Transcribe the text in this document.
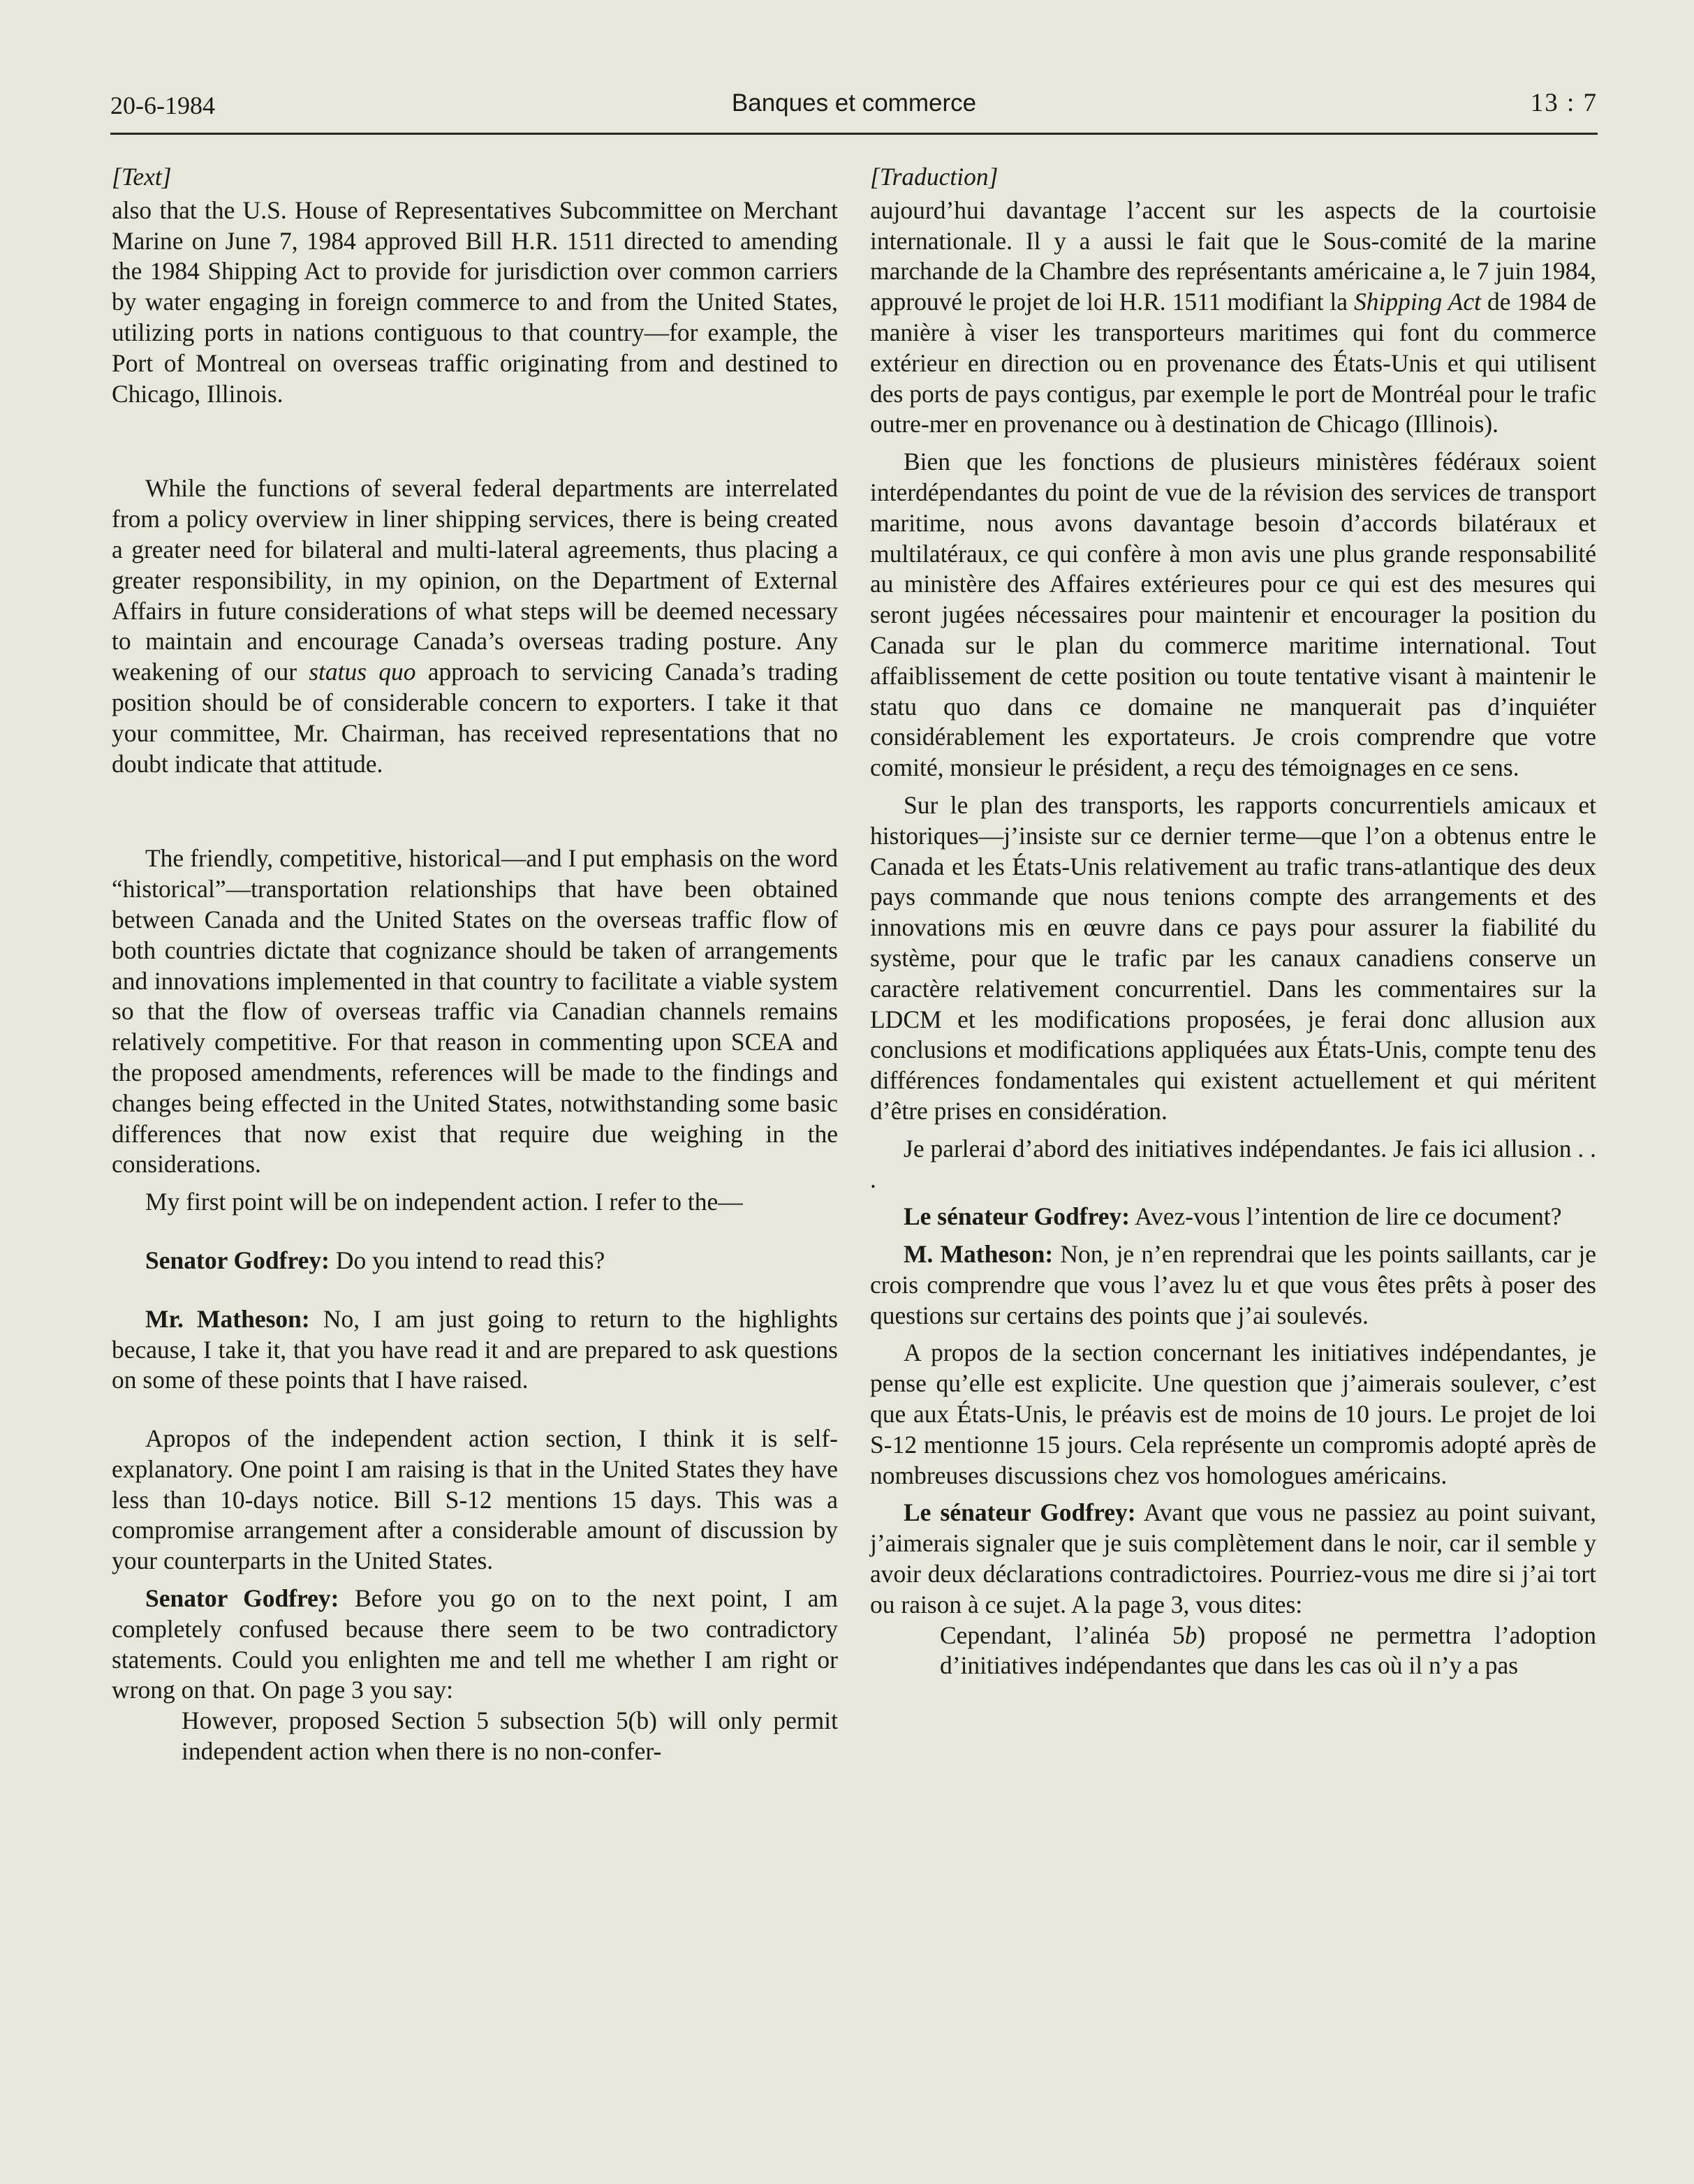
20-6-1984	Banques et commerce	13 : 7
[Text]

also that the U.S. House of Representatives Subcommittee on Merchant Marine on June 7, 1984 approved Bill H.R. 1511 directed to amending the 1984 Shipping Act to provide for jurisdiction over common carriers by water engaging in foreign commerce to and from the United States, utilizing ports in nations contiguous to that country—for example, the Port of Montreal on overseas traffic originating from and destined to Chicago, Illinois.

While the functions of several federal departments are interrelated from a policy overview in liner shipping services, there is being created a greater need for bilateral and multi-lateral agreements, thus placing a greater responsibility, in my opinion, on the Department of External Affairs in future considerations of what steps will be deemed necessary to maintain and encourage Canada’s overseas trading posture. Any weakening of our status quo approach to servicing Canada’s trading position should be of considerable concern to exporters. I take it that your committee, Mr. Chairman, has received representations that no doubt indicate that attitude.

The friendly, competitive, historical—and I put emphasis on the word “historical”—transportation relationships that have been obtained between Canada and the United States on the overseas traffic flow of both countries dictate that cognizance should be taken of arrangements and innovations implemented in that country to facilitate a viable system so that the flow of overseas traffic via Canadian channels remains relatively competitive. For that reason in commenting upon SCEA and the proposed amendments, references will be made to the findings and changes being effected in the United States, notwithstanding some basic differences that now exist that require due weighing in the considerations.

My first point will be on independent action. I refer to the—

Senator Godfrey: Do you intend to read this?

Mr. Matheson: No, I am just going to return to the highlights because, I take it, that you have read it and are prepared to ask questions on some of these points that I have raised.

Apropos of the independent action section, I think it is self-explanatory. One point I am raising is that in the United States they have less than 10-days notice. Bill S-12 mentions 15 days. This was a compromise arrangement after a considerable amount of discussion by your counterparts in the United States.

Senator Godfrey: Before you go on to the next point, I am completely confused because there seem to be two contradictory statements. Could you enlighten me and tell me whether I am right or wrong on that. On page 3 you say:

However, proposed Section 5 subsection 5(b) will only permit independent action when there is no non-confer-

[Traduction]

aujourd’hui davantage l’accent sur les aspects de la courtoisie internationale. Il y a aussi le fait que le Sous-comité de la marine marchande de la Chambre des représentants américaine a, le 7 juin 1984, approuvé le projet de loi H.R. 1511 modifiant la Shipping Act de 1984 de manière à viser les transporteurs maritimes qui font du commerce extérieur en direction ou en provenance des États-Unis et qui utilisent des ports de pays contigus, par exemple le port de Montréal pour le trafic outre-mer en provenance ou à destination de Chicago (Illinois).

Bien que les fonctions de plusieurs ministères fédéraux soient interdépendantes du point de vue de la révision des services de transport maritime, nous avons davantage besoin d’accords bilatéraux et multilatéraux, ce qui confère à mon avis une plus grande responsabilité au ministère des Affaires extérieures pour ce qui est des mesures qui seront jugées nécessaires pour maintenir et encourager la position du Canada sur le plan du commerce maritime international. Tout affaiblissement de cette position ou toute tentative visant à maintenir le statu quo dans ce domaine ne manquerait pas d’inquiéter considérablement les exportateurs. Je crois comprendre que votre comité, monsieur le président, a reçu des témoignages en ce sens.

Sur le plan des transports, les rapports concurrentiels amicaux et historiques—j’insiste sur ce dernier terme—que l’on a obtenus entre le Canada et les États-Unis relativement au trafic trans-atlantique des deux pays commande que nous tenions compte des arrangements et des innovations mis en œuvre dans ce pays pour assurer la fiabilité du système, pour que le trafic par les canaux canadiens conserve un caractère relativement concurrentiel. Dans les commentaires sur la LDCM et les modifications proposées, je ferai donc allusion aux conclusions et modifications appliquées aux États-Unis, compte tenu des différences fondamentales qui existent actuellement et qui méritent d’être prises en considération.

Je parlerai d’abord des initiatives indépendantes. Je fais ici allusion . . .

Le sénateur Godfrey: Avez-vous l’intention de lire ce document?

M. Matheson: Non, je n’en reprendrai que les points saillants, car je crois comprendre que vous l’avez lu et que vous êtes prêts à poser des questions sur certains des points que j’ai soulevés.

A propos de la section concernant les initiatives indépendantes, je pense qu’elle est explicite. Une question que j’aimerais soulever, c’est que aux États-Unis, le préavis est de moins de 10 jours. Le projet de loi S-12 mentionne 15 jours. Cela représente un compromis adopté après de nombreuses discussions chez vos homologues américains.

Le sénateur Godfrey: Avant que vous ne passiez au point suivant, j’aimerais signaler que je suis complètement dans le noir, car il semble y avoir deux déclarations contradictoires. Pourriez-vous me dire si j’ai tort ou raison à ce sujet. A la page 3, vous dites:

Cependant, l’alinéa 5b) proposé ne permettra l’adoption d’initiatives indépendantes que dans les cas où il n’y a pas
